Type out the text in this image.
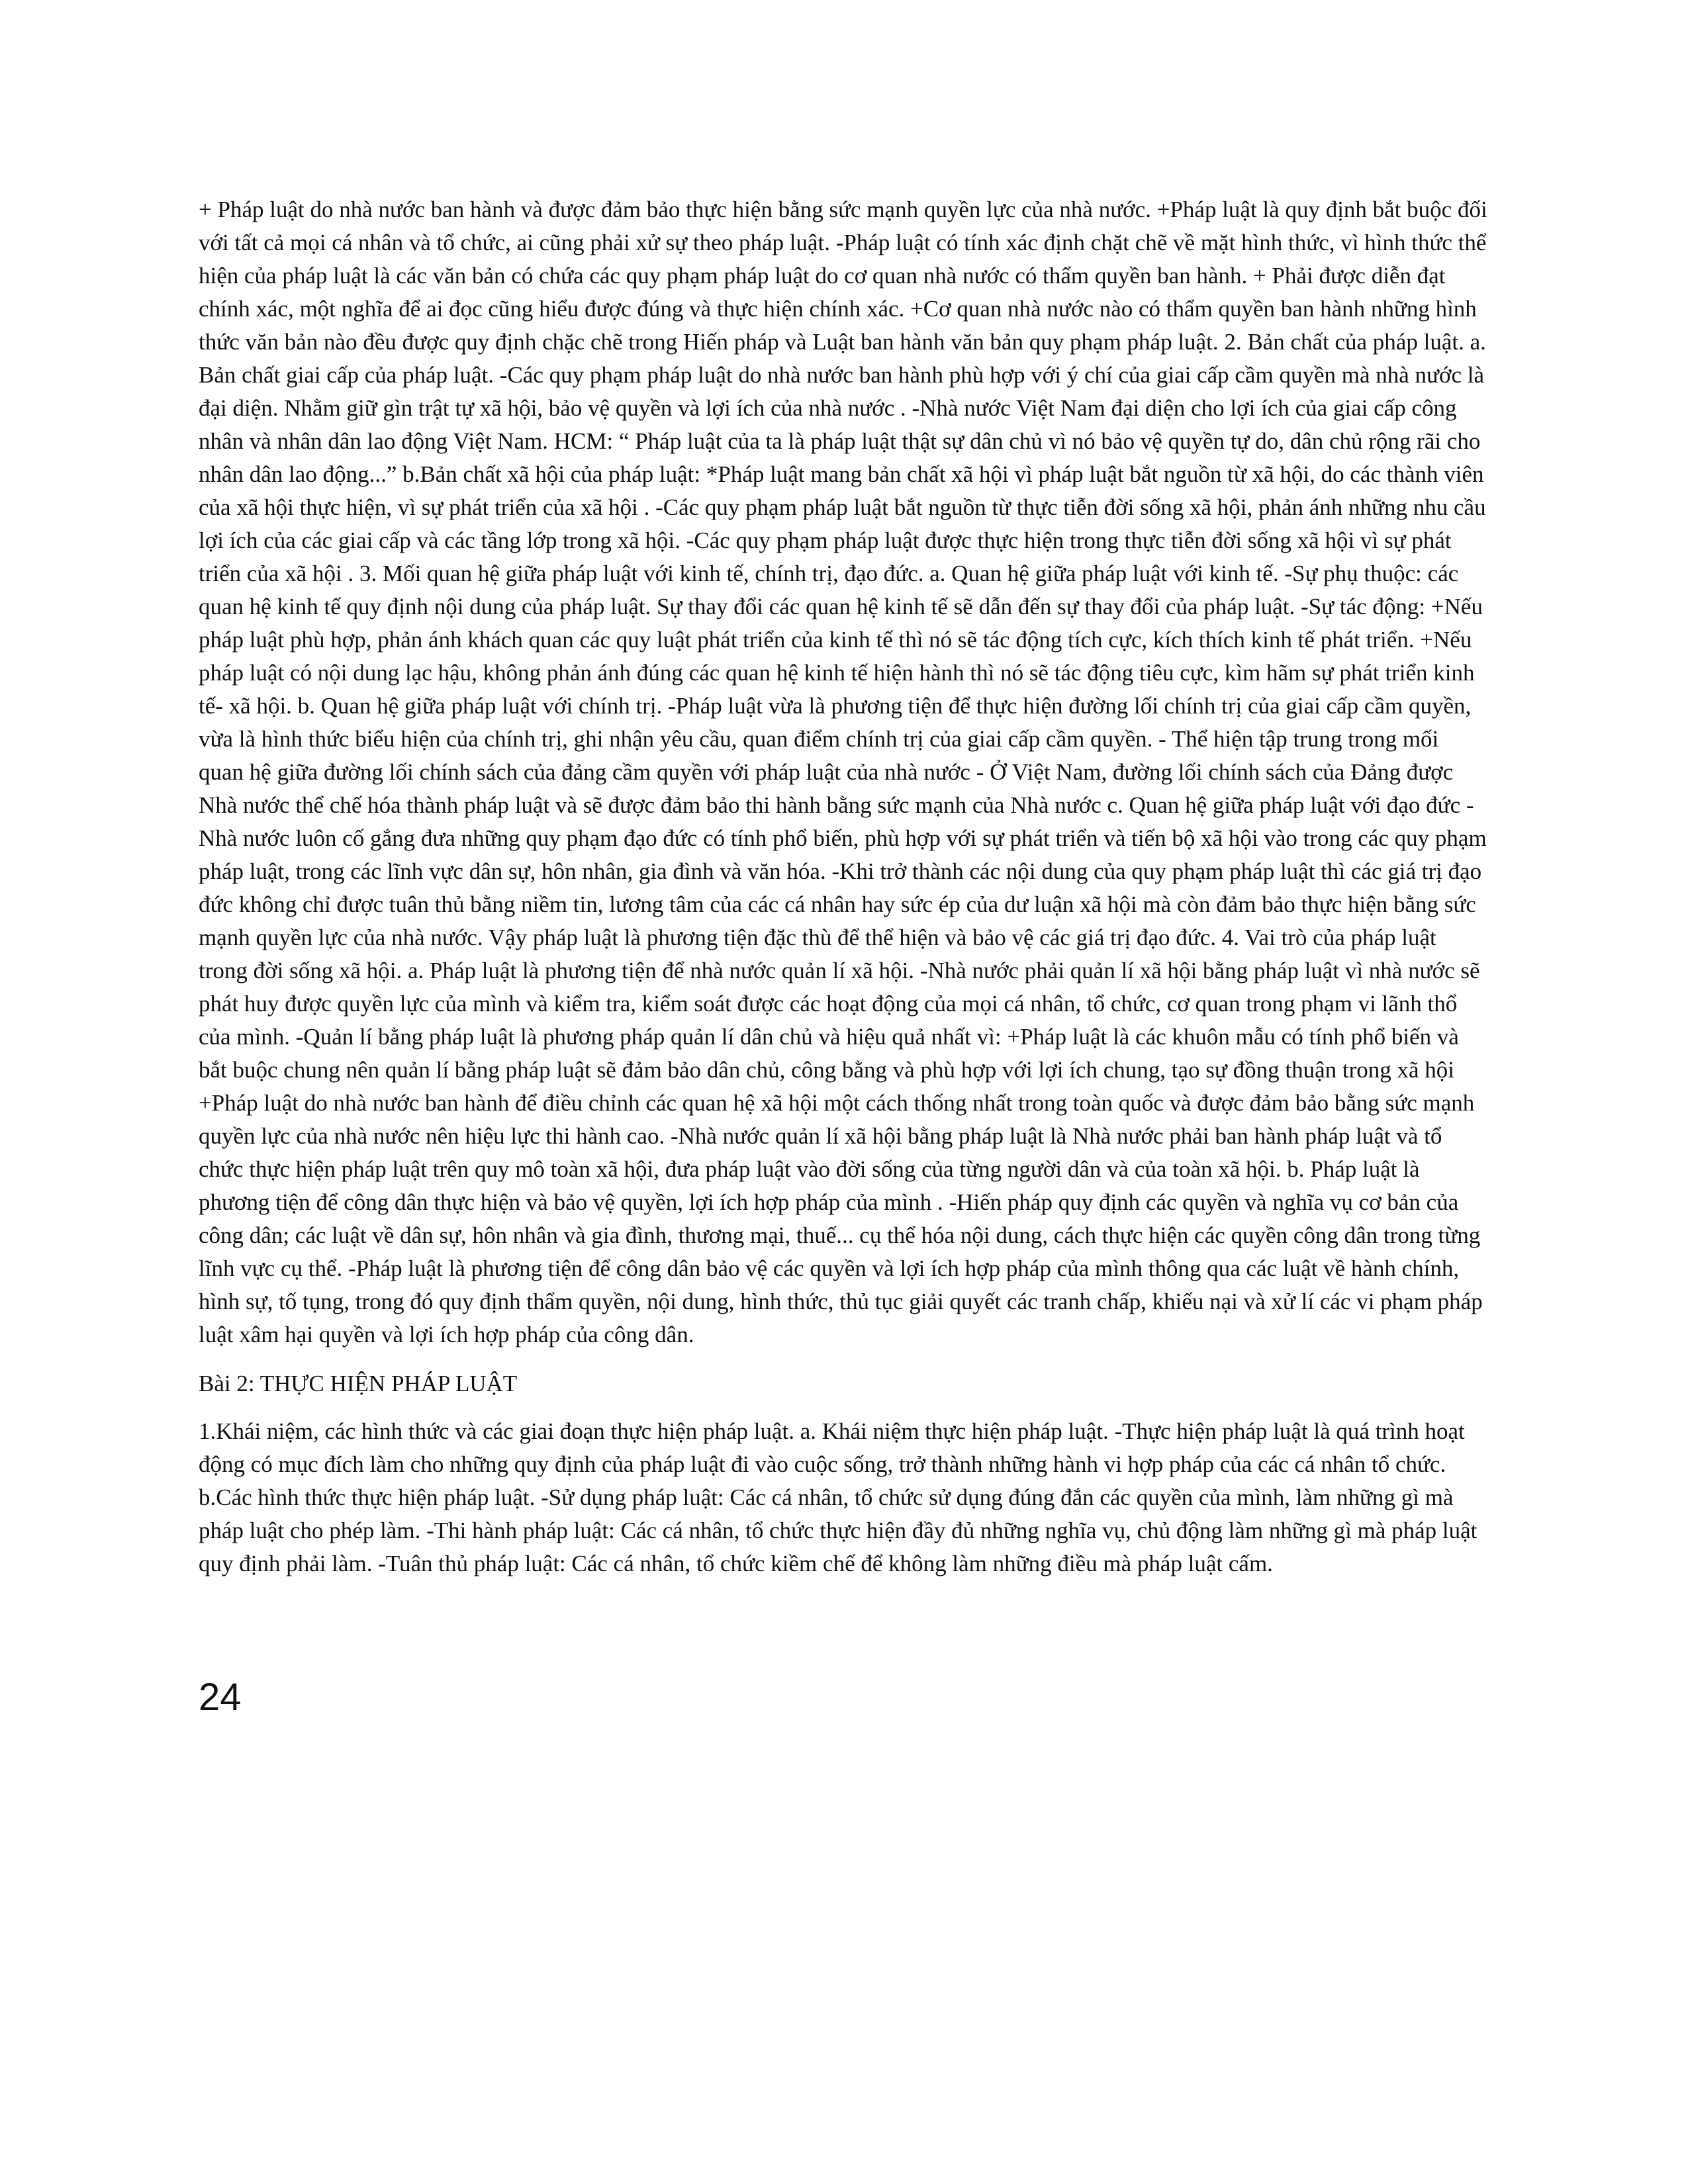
+ Pháp luật do nhà nước ban hành và được đảm bảo thực hiện bằng sức mạnh quyền lực của nhà nước. +Pháp luật là quy định bắt buộc đối với tất cả mọi cá nhân và tổ chức, ai cũng phải xử sự theo pháp luật. -Pháp luật có tính xác định chặt chẽ về mặt hình thức, vì hình thức thể hiện của pháp luật là các văn bản có chứa các quy phạm pháp luật do cơ quan nhà nước có thẩm quyền ban hành. + Phải được diễn đạt chính xác, một nghĩa để ai đọc cũng hiểu được đúng và thực hiện chính xác. +Cơ quan nhà nước nào có thẩm quyền ban hành những hình thức văn bản nào đều được quy định chặc chẽ trong Hiến pháp và Luật ban hành văn bản quy phạm pháp luật. 2. Bản chất của pháp luật. a. Bản chất giai cấp của pháp luật. -Các quy phạm pháp luật do nhà nước ban hành phù hợp với ý chí của giai cấp cầm quyền mà nhà nước là đại diện. Nhằm giữ gìn trật tự xã hội, bảo vệ quyền và lợi ích của nhà nước . -Nhà nước Việt Nam đại diện cho lợi ích của giai cấp công nhân và nhân dân lao động Việt Nam. HCM: “ Pháp luật của ta là pháp luật thật sự dân chủ vì nó bảo vệ quyền tự do, dân chủ rộng rãi cho nhân dân lao động...” b.Bản chất xã hội của pháp luật: *Pháp luật mang bản chất xã hội vì pháp luật bắt nguồn từ xã hội, do các thành viên của xã hội thực hiện, vì sự phát triển của xã hội . -Các quy phạm pháp luật bắt nguồn từ thực tiễn đời sống xã hội, phản ánh những nhu cầu lợi ích của các giai cấp và các tầng lớp trong xã hội. -Các quy phạm pháp luật được thực hiện trong thực tiễn đời sống xã hội vì sự phát triển của xã hội . 3. Mối quan hệ giữa pháp luật với kinh tế, chính trị, đạo đức. a. Quan hệ giữa pháp luật với kinh tế. -Sự phụ thuộc: các quan hệ kinh tế quy định nội dung của pháp luật. Sự thay đổi các quan hệ kinh tế sẽ dẫn đến sự thay đổi của pháp luật. -Sự tác động: +Nếu pháp luật phù hợp, phản ánh khách quan các quy luật phát triển của kinh tế thì nó sẽ tác động tích cực, kích thích kinh tế phát triển. +Nếu pháp luật có nội dung lạc hậu, không phản ánh đúng các quan hệ kinh tế hiện hành thì nó sẽ tác động tiêu cực, kìm hãm sự phát triển kinh tế- xã hội. b. Quan hệ giữa pháp luật với chính trị. -Pháp luật vừa là phương tiện để thực hiện đường lối chính trị của giai cấp cầm quyền, vừa là hình thức biểu hiện của chính trị, ghi nhận yêu cầu, quan điểm chính trị của giai cấp cầm quyền. - Thể hiện tập trung trong mối quan hệ giữa đường lối chính sách của đảng cầm quyền với pháp luật của nhà nước - Ở Việt Nam, đường lối chính sách của Đảng được Nhà nước thể chế hóa thành pháp luật và sẽ được đảm bảo thi hành bằng sức mạnh của Nhà nước c. Quan hệ giữa pháp luật với đạo đức -Nhà nước luôn cố gắng đưa những quy phạm đạo đức có tính phổ biến, phù hợp với sự phát triển và tiến bộ xã hội vào trong các quy phạm pháp luật, trong các lĩnh vực dân sự, hôn nhân, gia đình và văn hóa. -Khi trở thành các nội dung của quy phạm pháp luật thì các giá trị đạo đức không chỉ được tuân thủ bằng niềm tin, lương tâm của các cá nhân hay sức ép của dư luận xã hội mà còn đảm bảo thực hiện bằng sức mạnh quyền lực của nhà nước. Vậy pháp luật là phương tiện đặc thù để thể hiện và bảo vệ các giá trị đạo đức. 4. Vai trò của pháp luật trong đời sống xã hội. a. Pháp luật là phương tiện để nhà nước quản lí xã hội. -Nhà nước phải quản lí xã hội bằng pháp luật vì nhà nước sẽ phát huy được quyền lực của mình và kiểm tra, kiểm soát được các hoạt động của mọi cá nhân, tổ chức, cơ quan trong phạm vi lãnh thổ của mình. -Quản lí bằng pháp luật là phương pháp quản lí dân chủ và hiệu quả nhất vì: +Pháp luật là các khuôn mẫu có tính phổ biến và bắt buộc chung nên quản lí bằng pháp luật sẽ đảm bảo dân chủ, công bằng và phù hợp với lợi ích chung, tạo sự đồng thuận trong xã hội +Pháp luật do nhà nước ban hành để điều chỉnh các quan hệ xã hội một cách thống nhất trong toàn quốc và được đảm bảo bằng sức mạnh quyền lực của nhà nước nên hiệu lực thi hành cao. -Nhà nước quản lí xã hội bằng pháp luật là Nhà nước phải ban hành pháp luật và tổ chức thực hiện pháp luật trên quy mô toàn xã hội, đưa pháp luật vào đời sống của từng người dân và của toàn xã hội. b. Pháp luật là phương tiện để công dân thực hiện và bảo vệ quyền, lợi ích hợp pháp của mình . -Hiến pháp quy định các quyền và nghĩa vụ cơ bản của công dân; các luật về dân sự, hôn nhân và gia đình, thương mại, thuế... cụ thể hóa nội dung, cách thực hiện các quyền công dân trong từng lĩnh vực cụ thể. -Pháp luật là phương tiện để công dân bảo vệ các quyền và lợi ích hợp pháp của mình thông qua các luật về hành chính, hình sự, tố tụng, trong đó quy định thẩm quyền, nội dung, hình thức, thủ tục giải quyết các tranh chấp, khiếu nại và xử lí các vi phạm pháp luật xâm hại quyền và lợi ích hợp pháp của công dân.

Bài 2: THỰC HIỆN PHÁP LUẬT

1.Khái niệm, các hình thức và các giai đoạn thực hiện pháp luật. a. Khái niệm thực hiện pháp luật. -Thực hiện pháp luật là quá trình hoạt động có mục đích làm cho những quy định của pháp luật đi vào cuộc sống, trở thành những hành vi hợp pháp của các cá nhân tổ chức. b.Các hình thức thực hiện pháp luật. -Sử dụng pháp luật: Các cá nhân, tổ chức sử dụng đúng đắn các quyền của mình, làm những gì mà pháp luật cho phép làm. -Thi hành pháp luật: Các cá nhân, tổ chức thực hiện đầy đủ những nghĩa vụ, chủ động làm những gì mà pháp luật quy định phải làm. -Tuân thủ pháp luật: Các cá nhân, tổ chức kiềm chế để không làm những điều mà pháp luật cấm.

24
